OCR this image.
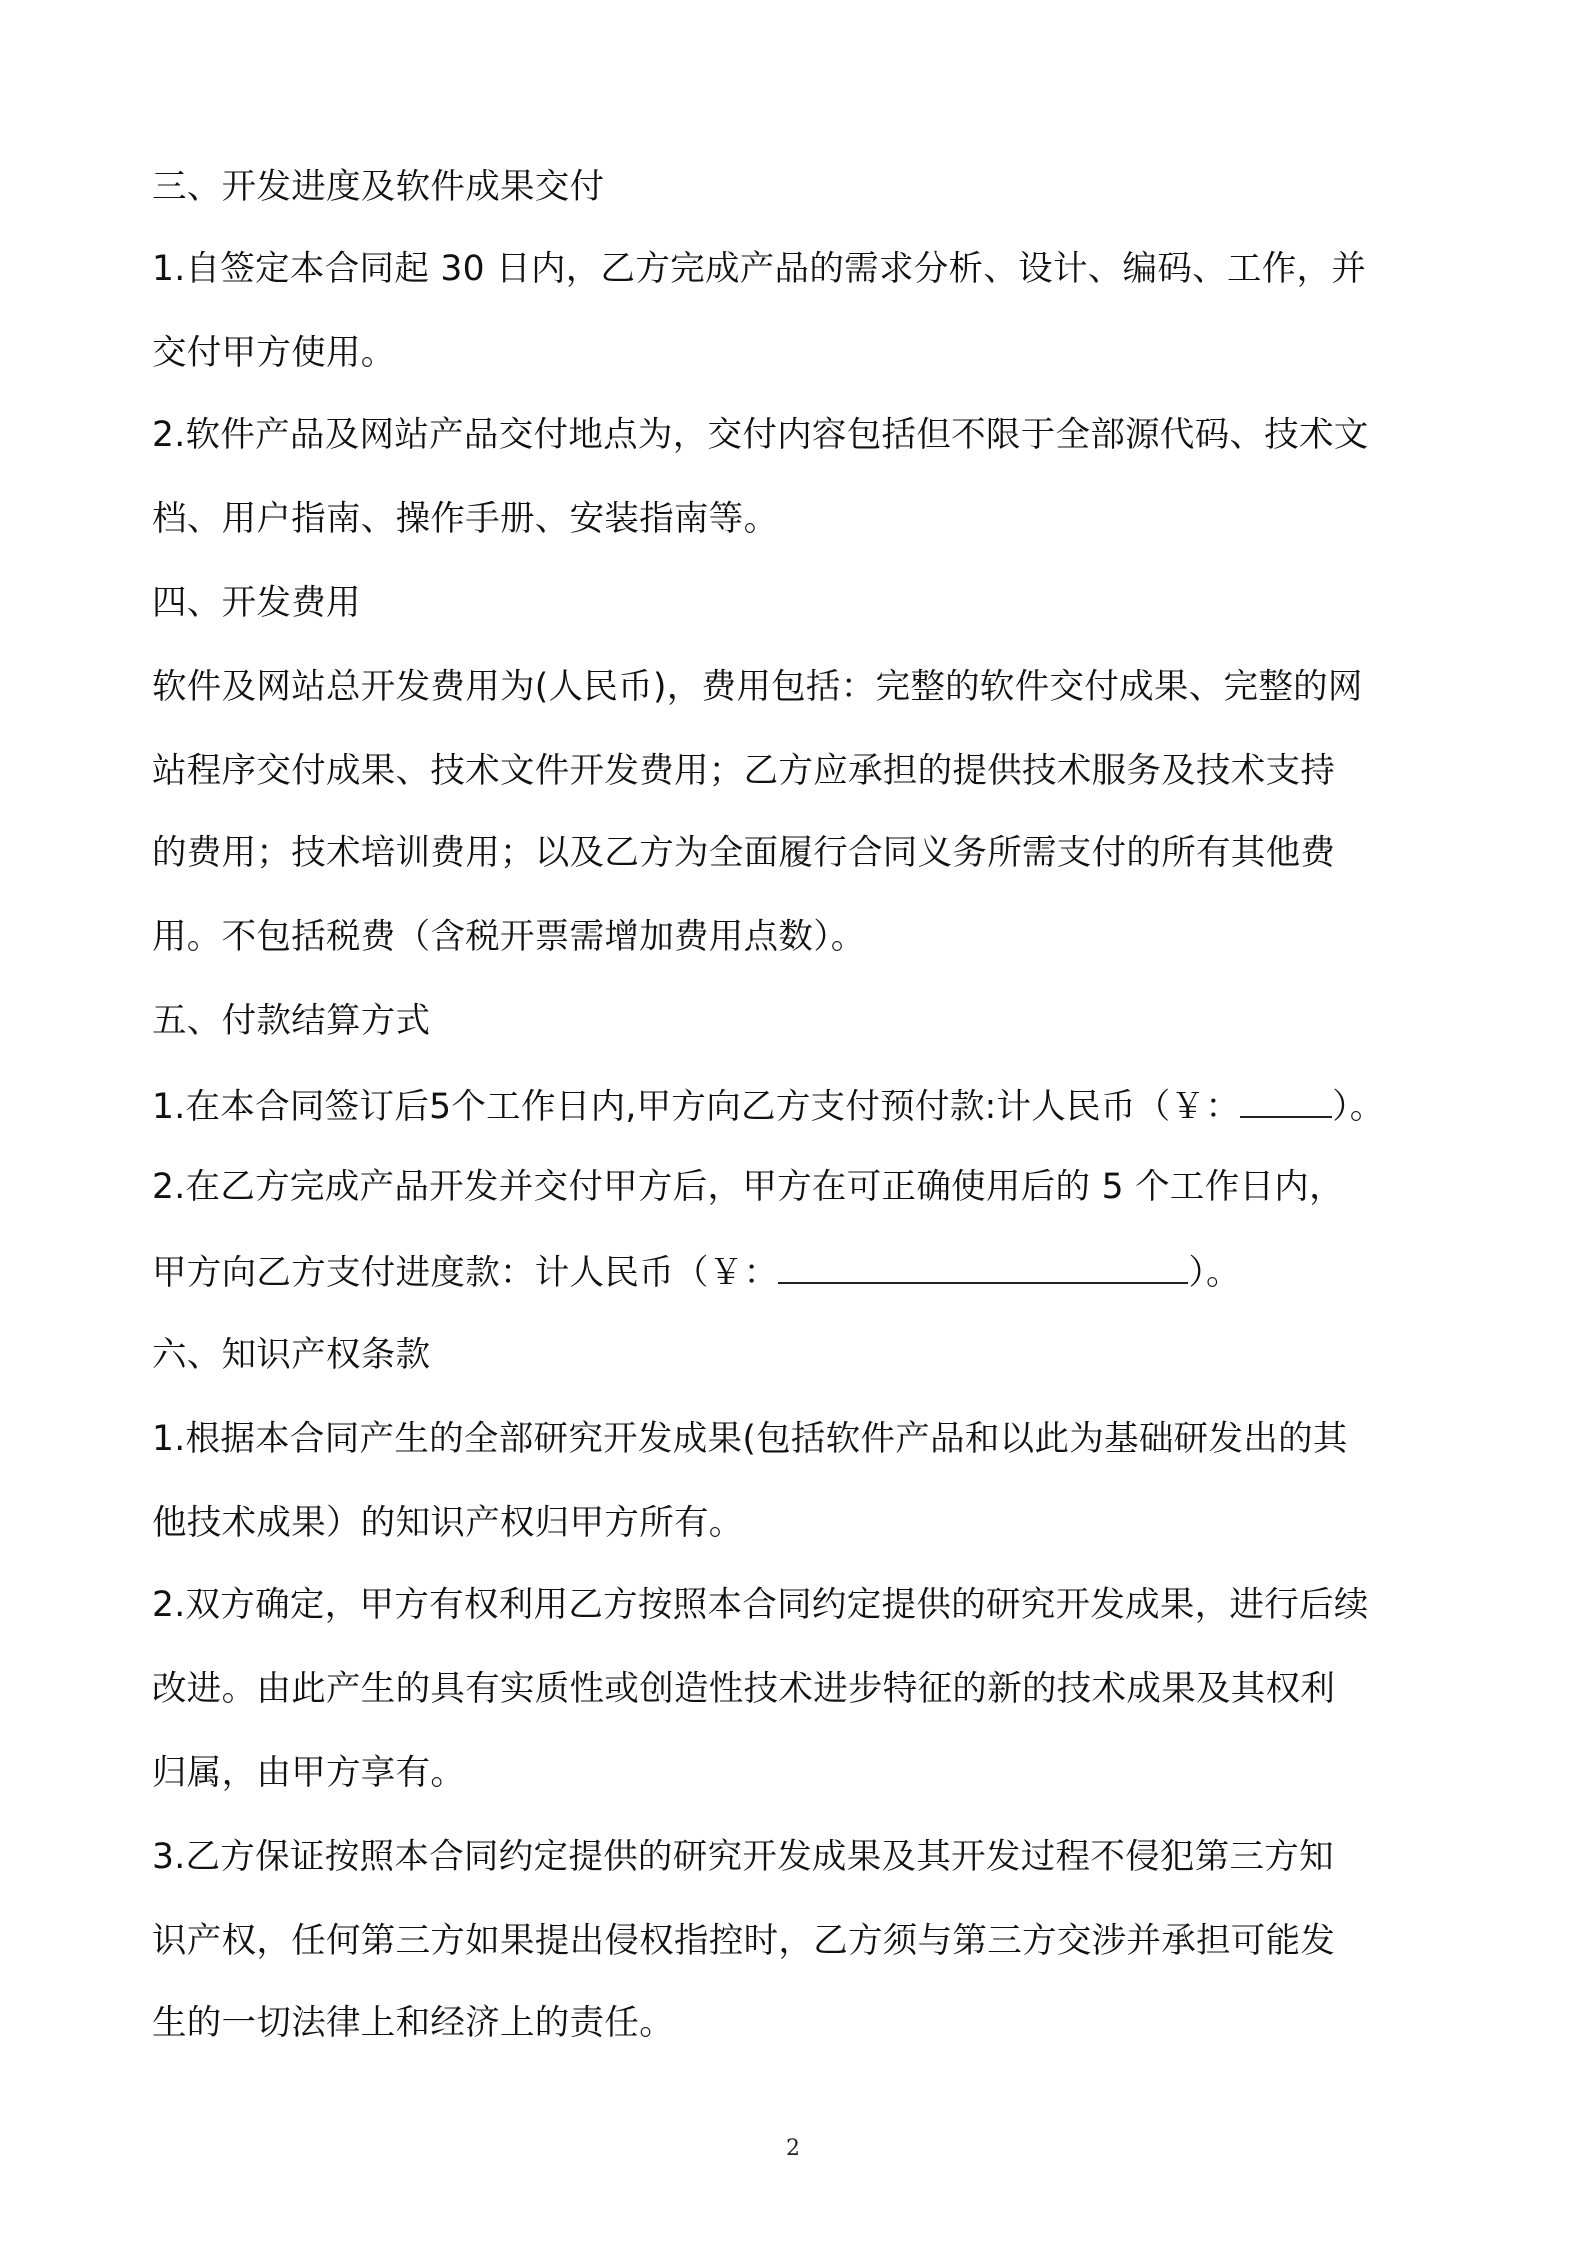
三、开发进度及软件成果交付
1.自签定本合同起 30 日内，乙方完成产品的需求分析、设计、编码、工作，并
交付甲方使用。
2.软件产品及网站产品交付地点为，交付内容包括但不限于全部源代码、技术文
档、用户指南、操作手册、安装指南等。
四、开发费用
软件及网站总开发费用为(人民币)，费用包括：完整的软件交付成果、完整的网
站程序交付成果、技术文件开发费用；乙方应承担的提供技术服务及技术支持
的费用；技术培训费用；以及乙方为全面履行合同义务所需支付的所有其他费
用。不包括税费（含税开票需增加费用点数）。
五、付款结算方式
1.在本合同签订后5个工作日内,甲方向乙方支付预付款:计人民币（￥：	）。
2.在乙方完成产品开发并交付甲方后，甲方在可正确使用后的 5 个工作日内，
甲方向乙方支付进度款：计人民币（￥：	）。
六、知识产权条款
1.根据本合同产生的全部研究开发成果(包括软件产品和以此为基础研发出的其
他技术成果）的知识产权归甲方所有。
2.双方确定，甲方有权利用乙方按照本合同约定提供的研究开发成果，进行后续
改进。由此产生的具有实质性或创造性技术进步特征的新的技术成果及其权利
归属，由甲方享有。
3.乙方保证按照本合同约定提供的研究开发成果及其开发过程不侵犯第三方知
识产权，任何第三方如果提出侵权指控时，乙方须与第三方交涉并承担可能发
生的一切法律上和经济上的责任。
2
